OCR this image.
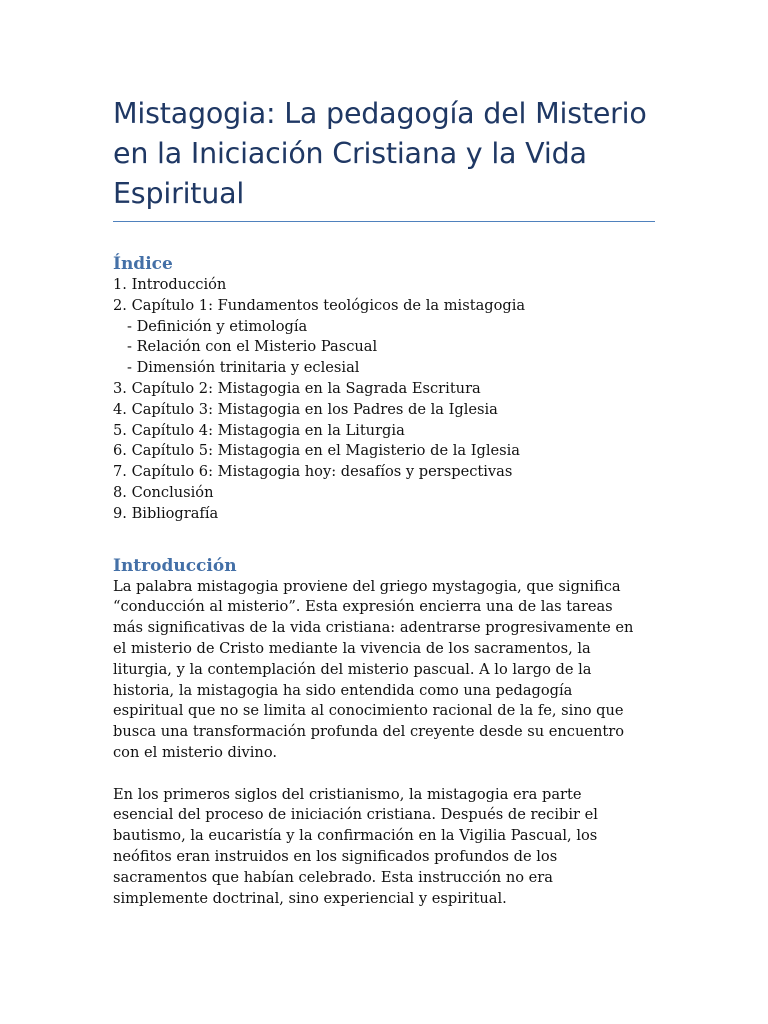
Mistagogia: La pedagogía del Misterio en la Iniciación Cristiana y la Vida Espiritual
Índice
1. Introducción
2. Capítulo 1: Fundamentos teológicos de la mistagogia
- Definición y etimología
- Relación con el Misterio Pascual
- Dimensión trinitaria y eclesial
3. Capítulo 2: Mistagogia en la Sagrada Escritura
4. Capítulo 3: Mistagogia en los Padres de la Iglesia
5. Capítulo 4: Mistagogia en la Liturgia
6. Capítulo 5: Mistagogia en el Magisterio de la Iglesia
7. Capítulo 6: Mistagogia hoy: desafíos y perspectivas
8. Conclusión
9. Bibliografía
Introducción

La palabra mistagogia proviene del griego mystagogia, que significa “conducción al misterio”. Esta expresión encierra una de las tareas más significativas de la vida cristiana: adentrarse progresivamente en el misterio de Cristo mediante la vivencia de los sacramentos, la liturgia, y la contemplación del misterio pascual. A lo largo de la historia, la mistagogia ha sido entendida como una pedagogía espiritual que no se limita al conocimiento racional de la fe, sino que busca una transformación profunda del creyente desde su encuentro con el misterio divino.

En los primeros siglos del cristianismo, la mistagogia era parte esencial del proceso de iniciación cristiana. Después de recibir el bautismo, la eucaristía y la confirmación en la Vigilia Pascual, los neófitos eran instruidos en los significados profundos de los sacramentos que habían celebrado. Esta instrucción no era simplemente doctrinal, sino experiencial y espiritual.
